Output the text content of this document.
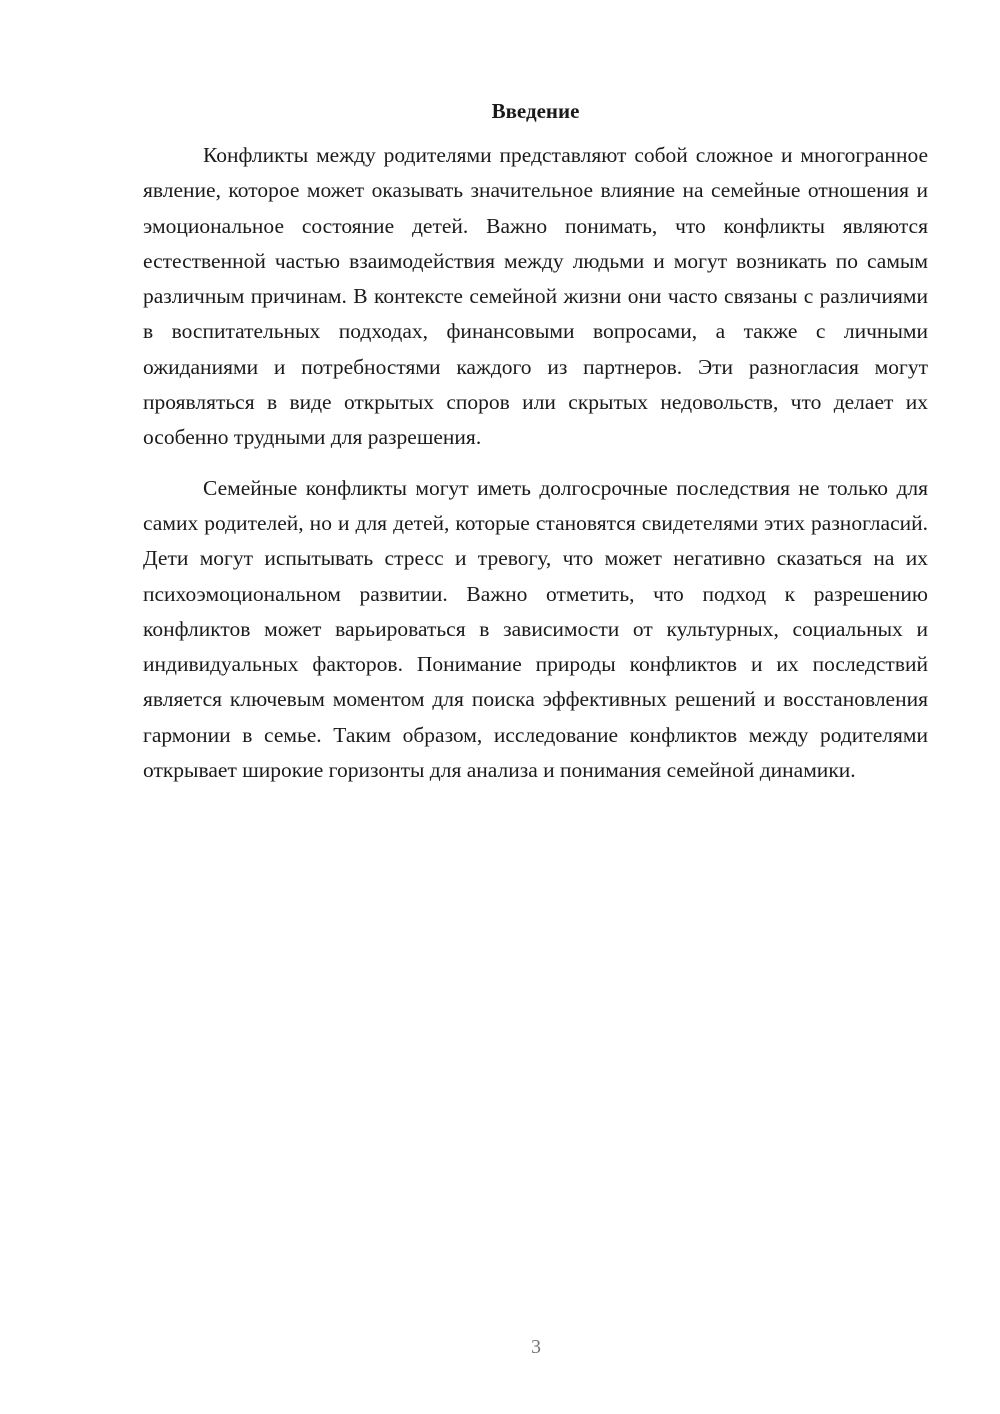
Введение

Конфликты между родителями представляют собой сложное и многогранное явление, которое может оказывать значительное влияние на семейные отношения и эмоциональное состояние детей. Важно понимать, что конфликты являются естественной частью взаимодействия между людьми и могут возникать по самым различным причинам. В контексте семейной жизни они часто связаны с различиями в воспитательных подходах, финансовыми вопросами, а также с личными ожиданиями и потребностями каждого из партнеров. Эти разногласия могут проявляться в виде открытых споров или скрытых недовольств, что делает их особенно трудными для разрешения.

Семейные конфликты могут иметь долгосрочные последствия не только для самих родителей, но и для детей, которые становятся свидетелями этих разногласий. Дети могут испытывать стресс и тревогу, что может негативно сказаться на их психоэмоциональном развитии. Важно отметить, что подход к разрешению конфликтов может варьироваться в зависимости от культурных, социальных и индивидуальных факторов. Понимание природы конфликтов и их последствий является ключевым моментом для поиска эффективных решений и восстановления гармонии в семье. Таким образом, исследование конфликтов между родителями открывает широкие горизонты для анализа и понимания семейной динамики.

3
